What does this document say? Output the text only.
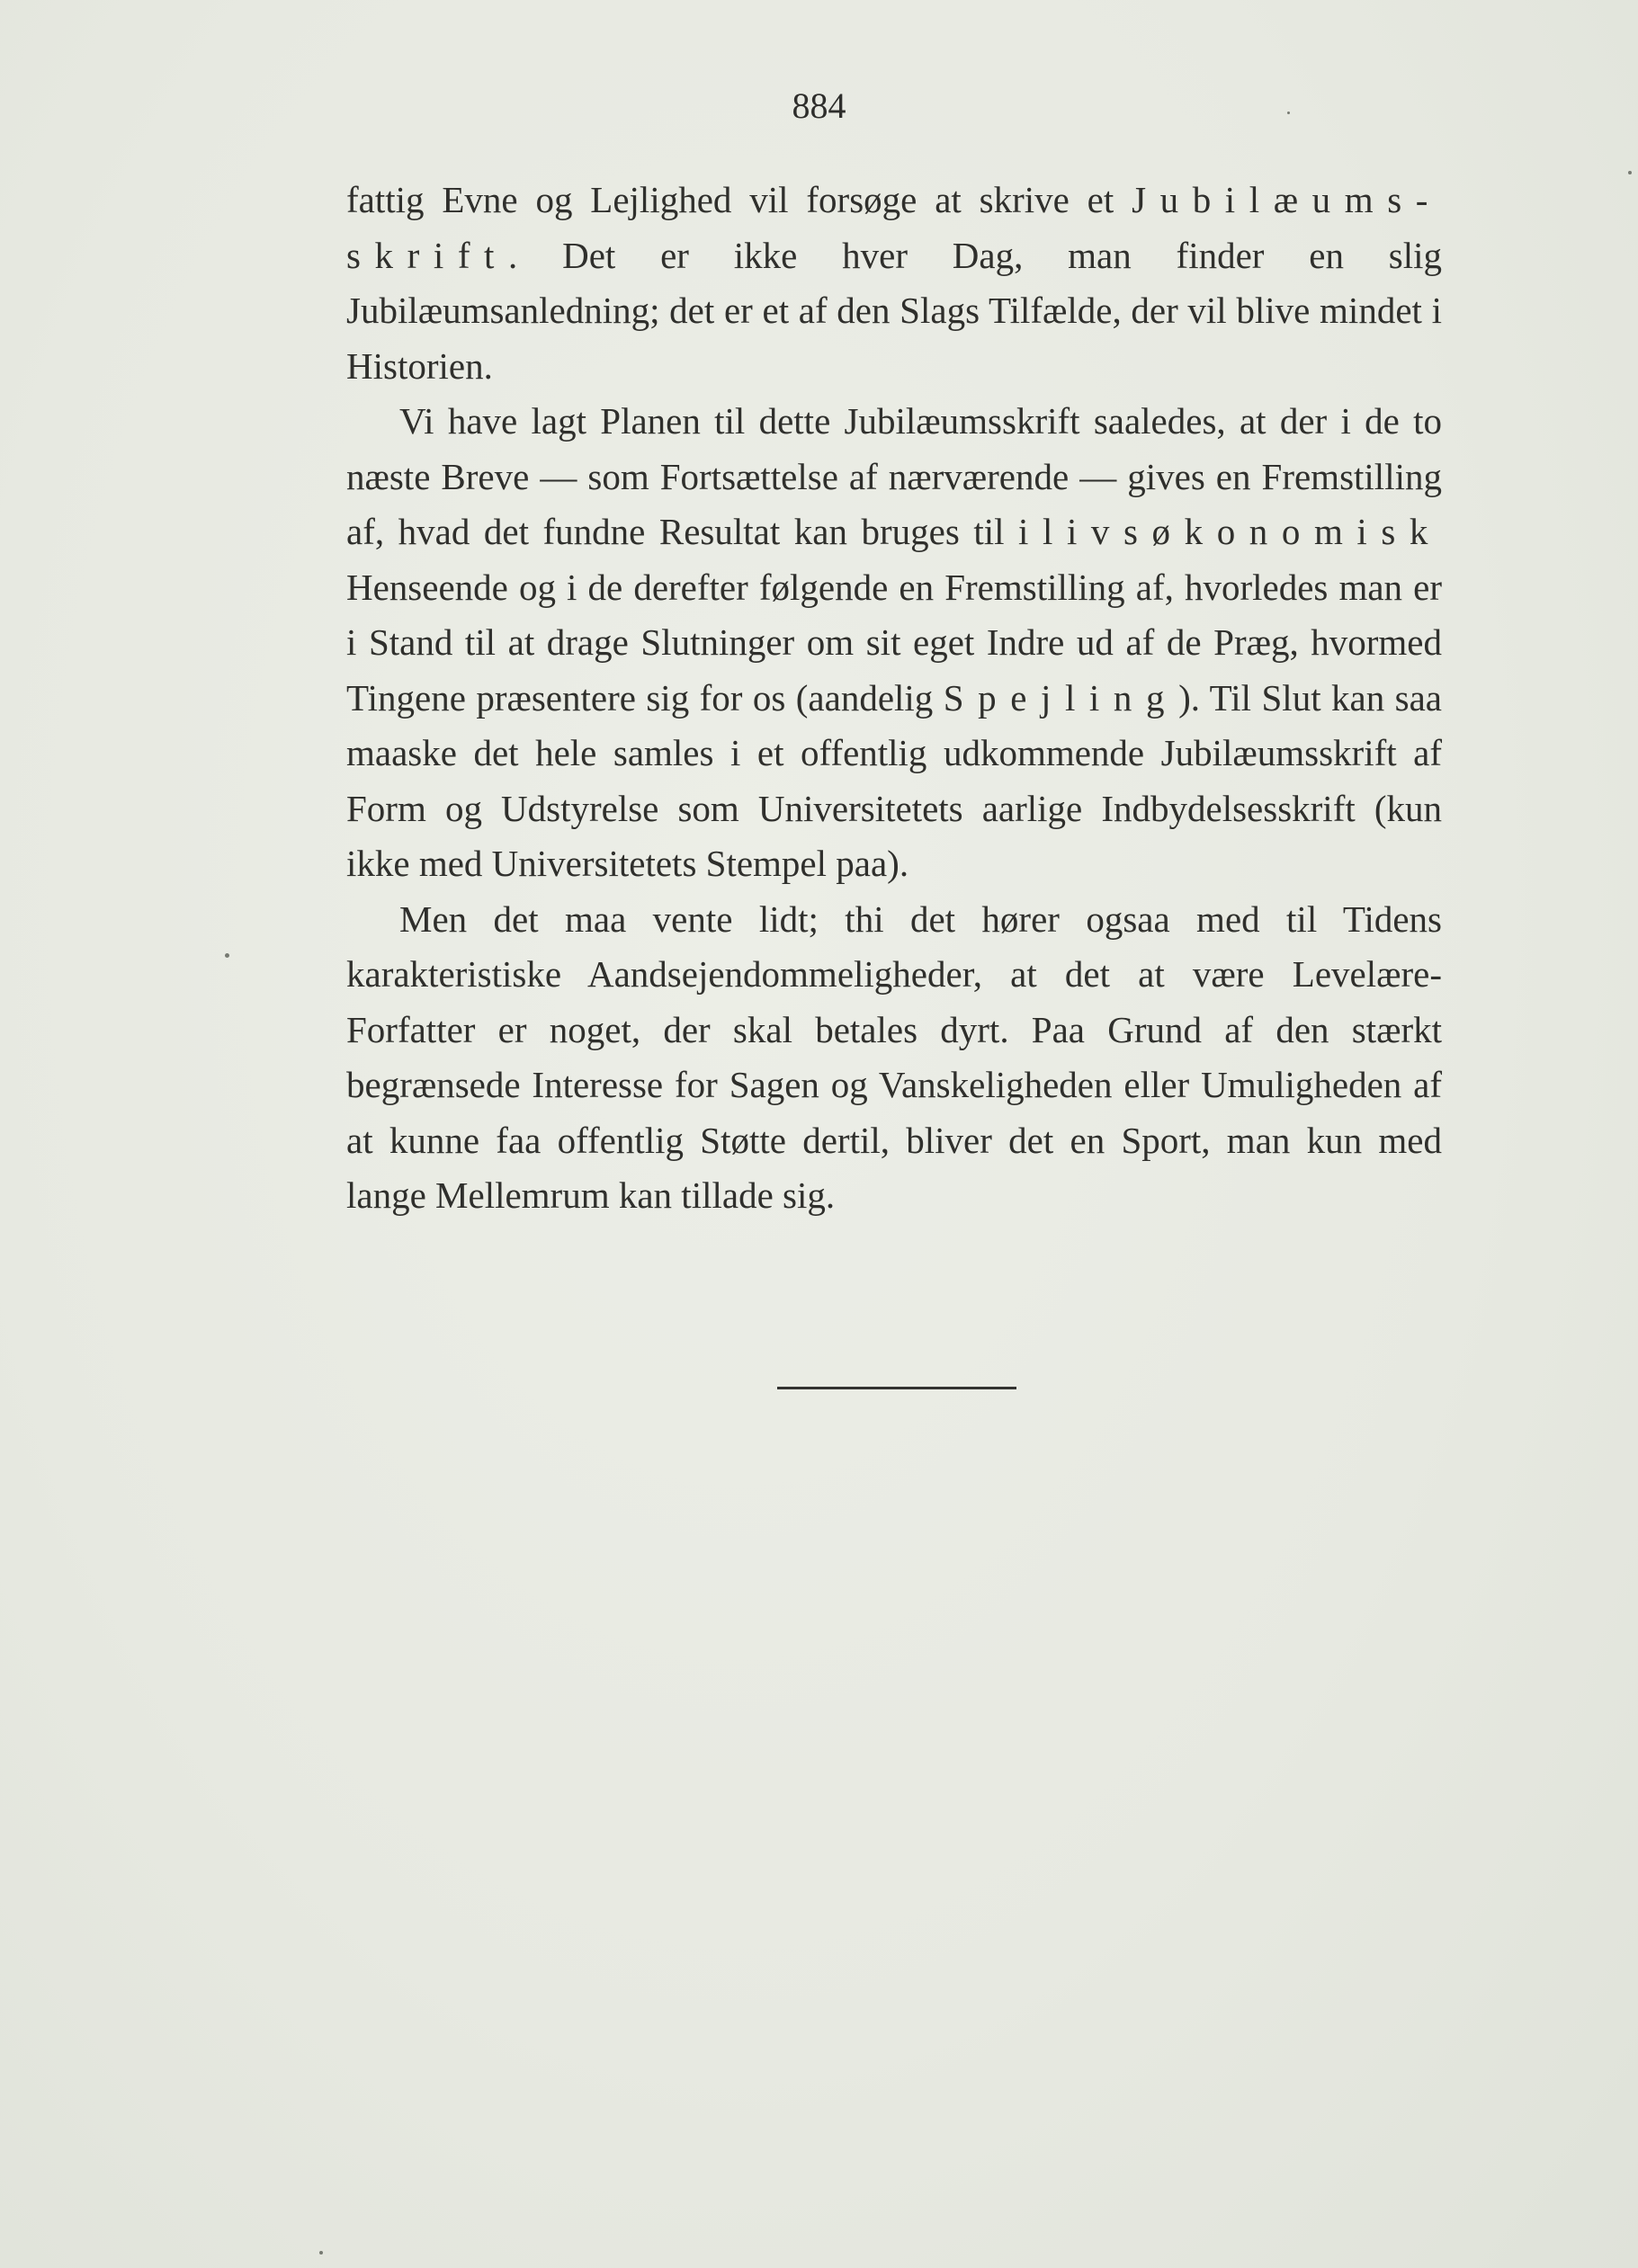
884

fattig Evne og Lejlighed vil forsøge at skrive et Jubilæums-skrift. Det er ikke hver Dag, man finder en slig Jubilæumsanledning; det er et af den Slags Tilfælde, der vil blive mindet i Historien.

Vi have lagt Planen til dette Jubilæumsskrift saaledes, at der i de to næste Breve — som Fortsættelse af nærværende — gives en Fremstilling af, hvad det fundne Resultat kan bruges til i livsøkonomisk Henseende og i de derefter følgende en Fremstilling af, hvorledes man er i Stand til at drage Slutninger om sit eget Indre ud af de Præg, hvormed Tingene præsentere sig for os (aandelig Spejling). Til Slut kan saa maaske det hele samles i et offentlig udkommende Jubilæumsskrift af Form og Udstyrelse som Universitetets aarlige Indbydelsesskrift (kun ikke med Universitetets Stempel paa).

Men det maa vente lidt; thi det hører ogsaa med til Tidens karakteristiske Aandsejendommeligheder, at det at være Levelære-Forfatter er noget, der skal betales dyrt. Paa Grund af den stærkt begrænsede Interesse for Sagen og Vanskeligheden eller Umuligheden af at kunne faa offentlig Støtte dertil, bliver det en Sport, man kun med lange Mellemrum kan tillade sig.
